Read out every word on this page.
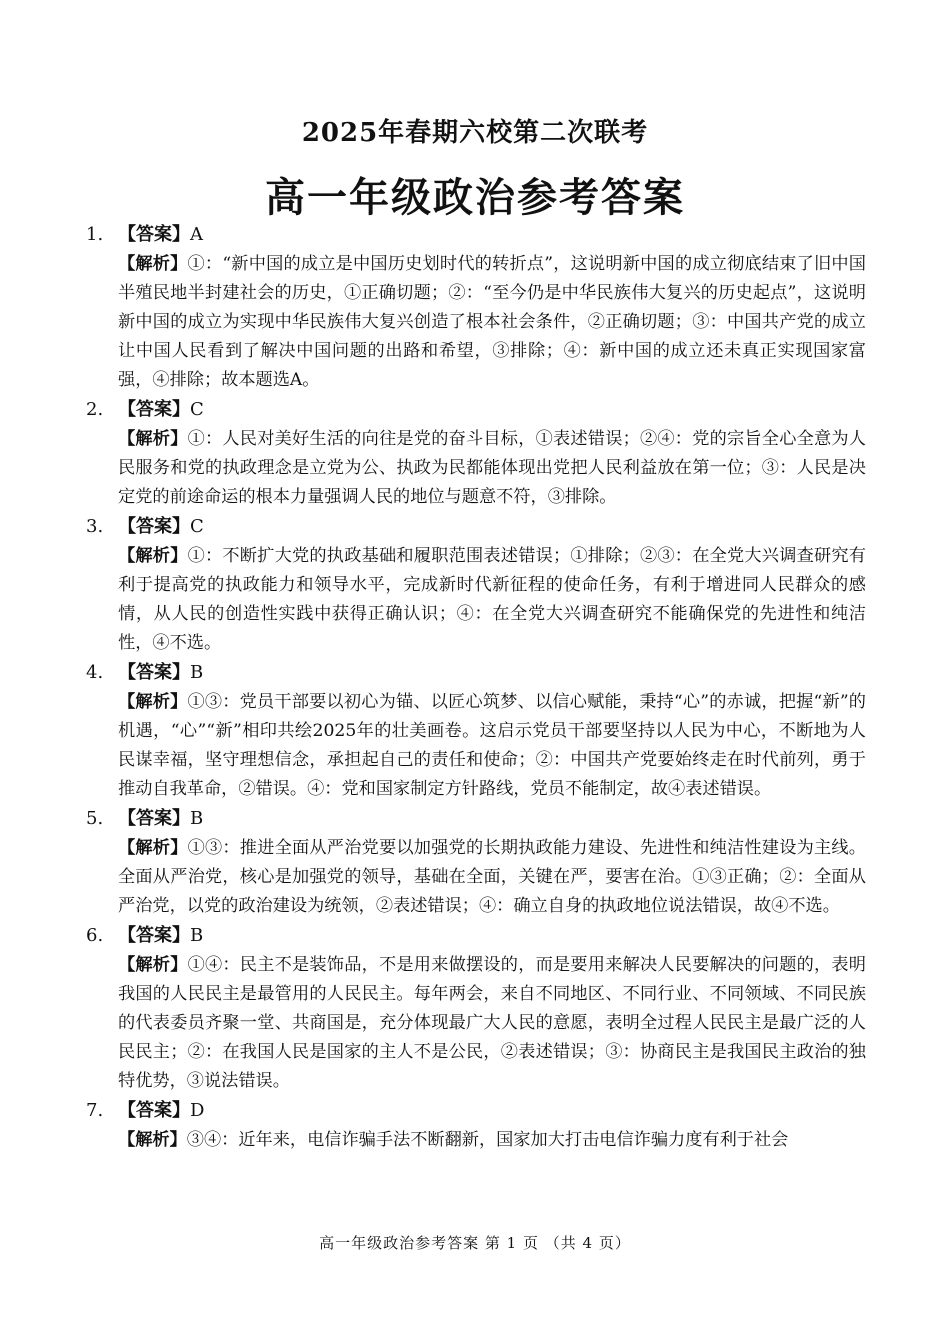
2025年春期六校第二次联考
高一年级政治参考答案
1. 【答案】A
【解析】①：“新中国的成立是中国历史划时代的转折点”，这说明新中国的成立彻底结束了旧中国半殖民地半封建社会的历史，①正确切题；②：“至今仍是中华民族伟大复兴的历史起点”，这说明新中国的成立为实现中华民族伟大复兴创造了根本社会条件，②正确切题；③：中国共产党的成立让中国人民看到了解决中国问题的出路和希望，③排除；④：新中国的成立还未真正实现国家富强，④排除；故本题选A。
2. 【答案】C
【解析】①：人民对美好生活的向往是党的奋斗目标，①表述错误；②④：党的宗旨全心全意为人民服务和党的执政理念是立党为公、执政为民都能体现出党把人民利益放在第一位；③：人民是决定党的前途命运的根本力量强调人民的地位与题意不符，③排除。
3. 【答案】C
【解析】①：不断扩大党的执政基础和履职范围表述错误；①排除；②③：在全党大兴调查研究有利于提高党的执政能力和领导水平，完成新时代新征程的使命任务，有利于增进同人民群众的感情，从人民的创造性实践中获得正确认识；④：在全党大兴调查研究不能确保党的先进性和纯洁性，④不选。
4. 【答案】B
【解析】①③：党员干部要以初心为锚、以匠心筑梦、以信心赋能，秉持“心”的赤诚，把握“新”的机遇，“心”“新”相印共绘2025年的壮美画卷。这启示党员干部要坚持以人民为中心，不断地为人民谋幸福，坚守理想信念，承担起自己的责任和使命；②：中国共产党要始终走在时代前列，勇于推动自我革命，②错误。④：党和国家制定方针路线，党员不能制定，故④表述错误。
5. 【答案】B
【解析】①③：推进全面从严治党要以加强党的长期执政能力建设、先进性和纯洁性建设为主线。全面从严治党，核心是加强党的领导，基础在全面，关键在严，要害在治。①③正确；②：全面从严治党，以党的政治建设为统领，②表述错误；④：确立自身的执政地位说法错误，故④不选。
6. 【答案】B
【解析】①④：民主不是装饰品，不是用来做摆设的，而是要用来解决人民要解决的问题的，表明我国的人民民主是最管用的人民民主。每年两会，来自不同地区、不同行业、不同领域、不同民族的代表委员齐聚一堂、共商国是，充分体现最广大人民的意愿，表明全过程人民民主是最广泛的人民民主；②：在我国人民是国家的主人不是公民，②表述错误；③：协商民主是我国民主政治的独特优势，③说法错误。
7. 【答案】D
【解析】③④：近年来，电信诈骗手法不断翻新，国家加大打击电信诈骗力度有利于社会
高一年级政治参考答案 第 1 页 （共 4 页）
